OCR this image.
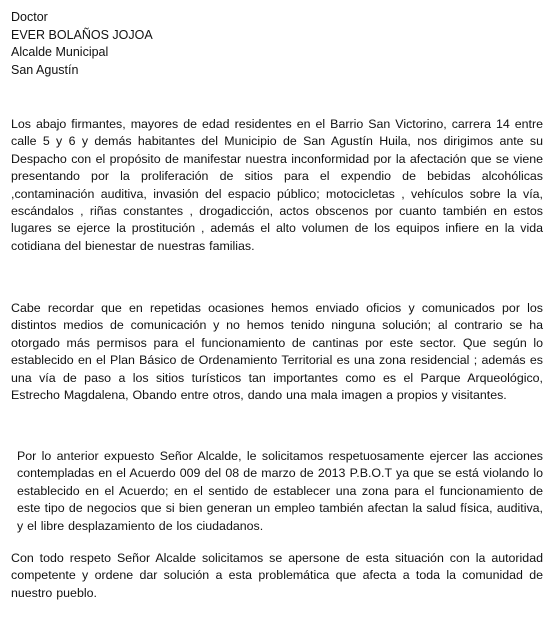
Doctor
EVER BOLAÑOS JOJOA
Alcalde Municipal
San Agustín

Los abajo firmantes, mayores de edad residentes en el Barrio San Victorino, carrera 14 entre calle 5 y 6 y demás habitantes del Municipio de San Agustín Huila, nos dirigimos ante su Despacho con el propósito de manifestar nuestra inconformidad por la afectación que se viene presentando por la proliferación de sitios para el expendio de bebidas alcohólicas ,contaminación auditiva, invasión del espacio público; motocicletas , vehículos sobre la vía, escándalos , riñas constantes , drogadicción, actos obscenos por cuanto también en estos lugares se ejerce la prostitución , además el alto volumen de los equipos infiere en la vida cotidiana del bienestar de nuestras familias.

Cabe recordar que en repetidas ocasiones hemos enviado oficios y comunicados por los distintos medios de comunicación y no hemos tenido ninguna solución; al contrario se ha otorgado más permisos para el funcionamiento de cantinas por este sector. Que según lo establecido en el Plan Básico de Ordenamiento Territorial es una zona residencial ; además es una vía de paso a los sitios turísticos tan importantes como es el Parque Arqueológico, Estrecho Magdalena, Obando entre otros, dando una mala imagen a propios y visitantes.

Por lo anterior expuesto Señor Alcalde, le solicitamos respetuosamente ejercer las acciones contempladas en el Acuerdo 009 del 08 de marzo de 2013 P.B.O.T ya que se está violando lo establecido en el Acuerdo; en el sentido de establecer una zona para el funcionamiento de este tipo de negocios que si bien generan un empleo también afectan la salud física, auditiva, y el libre desplazamiento de los ciudadanos.

Con todo respeto Señor Alcalde solicitamos se apersone de esta situación con la autoridad competente y ordene dar solución a esta problemática que afecta a toda la comunidad de nuestro pueblo.
